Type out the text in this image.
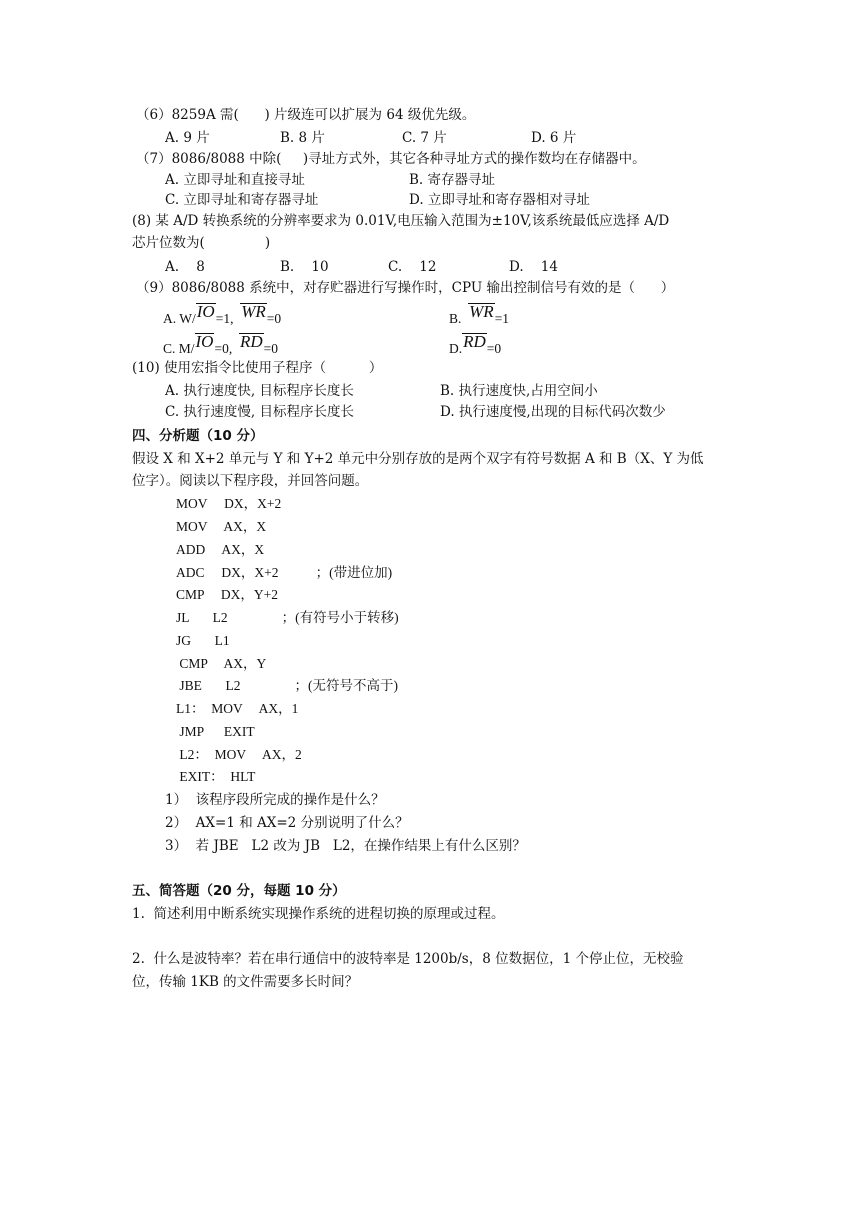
（6）8259A 需(      ) 片级连可以扩展为 64 级优先级。
A. 9 片	B. 8 片	C. 7 片	D. 6 片
（7）8086/8088 中除(     )寻址方式外，其它各种寻址方式的操作数均在存储器中。
A. 立即寻址和直接寻址	B. 寄存器寻址
C. 立即寻址和寄存器寻址	D. 立即寻址和寄存器相对寻址
(8) 某 A/D 转换系统的分辨率要求为 0.01V,电压输入范围为±10V,该系统最低应选择 A/D
芯片位数为(              )
A.    8	B.    10	C.    12	D.    14
（9）8086/8088 系统中，对存贮器进行写操作时，CPU 输出控制信号有效的是（      ）
A. W/IO=1,  WR=0	B.  WR=1
C. M/IO=0,  RD=0	D.RD=0
(10) 使用宏指令比使用子程序（          ）
A. 执行速度快, 目标程序长度长	B. 执行速度快,占用空间小
C. 执行速度慢, 目标程序长度长	D. 执行速度慢,出现的目标代码次数少
四、分析题（10 分）
假设 X 和 X+2 单元与 Y 和 Y+2 单元中分别存放的是两个双字有符号数据 A 和 B（X、Y 为低
位字）。阅读以下程序段，并回答问题。
MOV     DX，X+2
MOV     AX，X
ADD     AX，X
ADC     DX，X+2           ；(带进位加)
CMP     DX，Y+2
JL       L2                ；(有符号小于转移)
JG       L1
CMP     AX，Y
JBE       L2                ；(无符号不高于)
L1：  MOV     AX，1
JMP      EXIT
L2：  MOV     AX，2
EXIT：  HLT
1）  该程序段所完成的操作是什么？
2）  AX=1 和 AX=2 分别说明了什么？
3）  若 JBE   L2 改为 JB   L2，在操作结果上有什么区别？
五、简答题（20 分，每题 10 分）
1.  简述利用中断系统实现操作系统的进程切换的原理或过程。
2.  什么是波特率？若在串行通信中的波特率是 1200b/s，8 位数据位，1 个停止位，无校验
位，传输 1KB 的文件需要多长时间？
